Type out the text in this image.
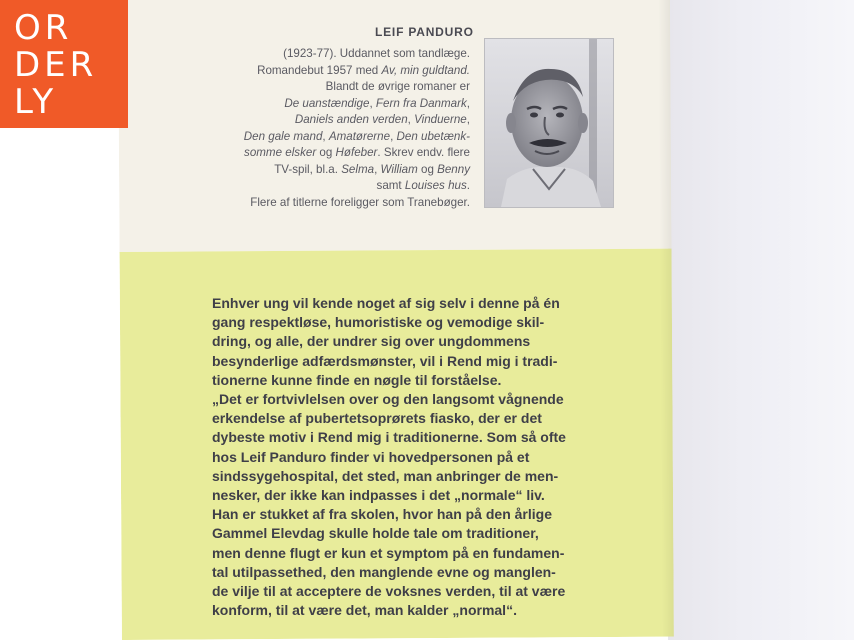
OR
DER
LY
LEIF PANDURO
(1923-77). Uddannet som tandlæge.
Romandebut 1957 med Av, min guldtand.
Blandt de øvrige romaner er
De uanstændige, Fern fra Danmark,
Daniels anden verden, Vinduerne,
Den gale mand, Amatørerne, Den ubetænk-
somme elsker og Høfeber. Skrev endv. flere
TV-spil, bl.a. Selma, William og Benny
samt Louises hus.
Flere af titlerne foreligger som Tranebøger.

Enhver ung vil kende noget af sig selv i denne på én

gang respektløse, humoristiske og vemodige skil-

dring, og alle, der undrer sig over ungdommens

besynderlige adfærdsmønster, vil i Rend mig i tradi-

tionerne kunne finde en nøgle til forståelse.

„Det er fortvivlelsen over og den langsomt vågnende

erkendelse af pubertetsoprørets fiasko, der er det

dybeste motiv i Rend mig i traditionerne. Som så ofte

hos Leif Panduro finder vi hovedpersonen på et

sindssygehospital, det sted, man anbringer de men-

nesker, der ikke kan indpasses i det „normale“ liv.

Han er stukket af fra skolen, hvor han på den årlige

Gammel Elevdag skulle holde tale om traditioner,

men denne flugt er kun et symptom på en fundamen-

tal utilpassethed, den manglende evne og manglen-

de vilje til at acceptere de voksnes verden, til at være

konform, til at være det, man kalder „normal“.
